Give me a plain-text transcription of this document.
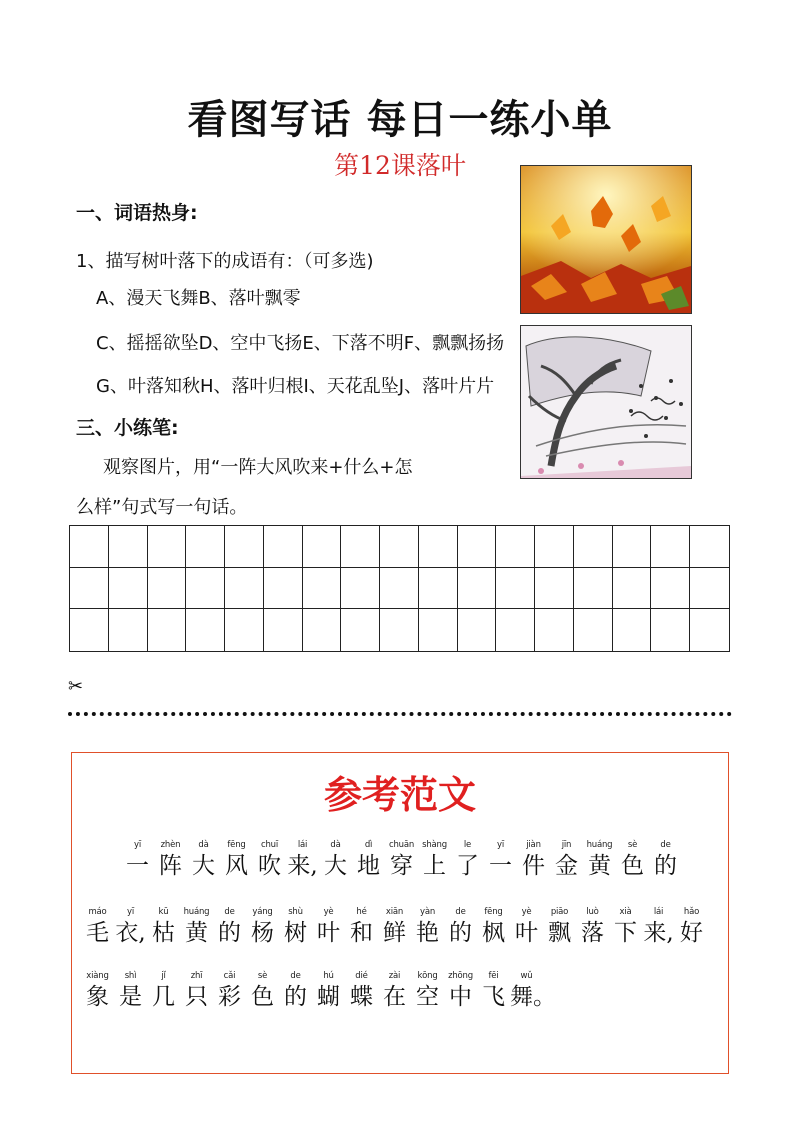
看图写话 每日一练小单
第12课落叶
一、词语热身:
1、描写树叶落下的成语有：（可多选)
A、漫天飞舞B、落叶飘零
C、摇摇欲坠D、空中飞扬E、下落不明F、飘飘扬扬
G、叶落知秋H、落叶归根I、天花乱坠J、落叶片片
三、小练笔:
观察图片，用“一阵大风吹来+什么+怎
么样”句式写一句话。
✂
参考范文
yī
一
zhèn
阵
dà
大
fēng
风
chuī
吹
lái
来,
dà
大
dì
地
chuān
穿
shàng
上
le
了
yī
一
jiàn
件
jīn
金
huáng
黄
sè
色
de
的
máo
毛
yī
衣,
kū
枯
huáng
黄
de
的
yáng
杨
shù
树
yè
叶
hé
和
xiān
鲜
yàn
艳
de
的
fēng
枫
yè
叶
piāo
飘
luò
落
xià
下
lái
来,
hǎo
好
xiàng
象
shì
是
jǐ
几
zhī
只
cǎi
彩
sè
色
de
的
hú
蝴
dié
蝶
zài
在
kōng
空
zhōng
中
fēi
飞
wǔ
舞。
